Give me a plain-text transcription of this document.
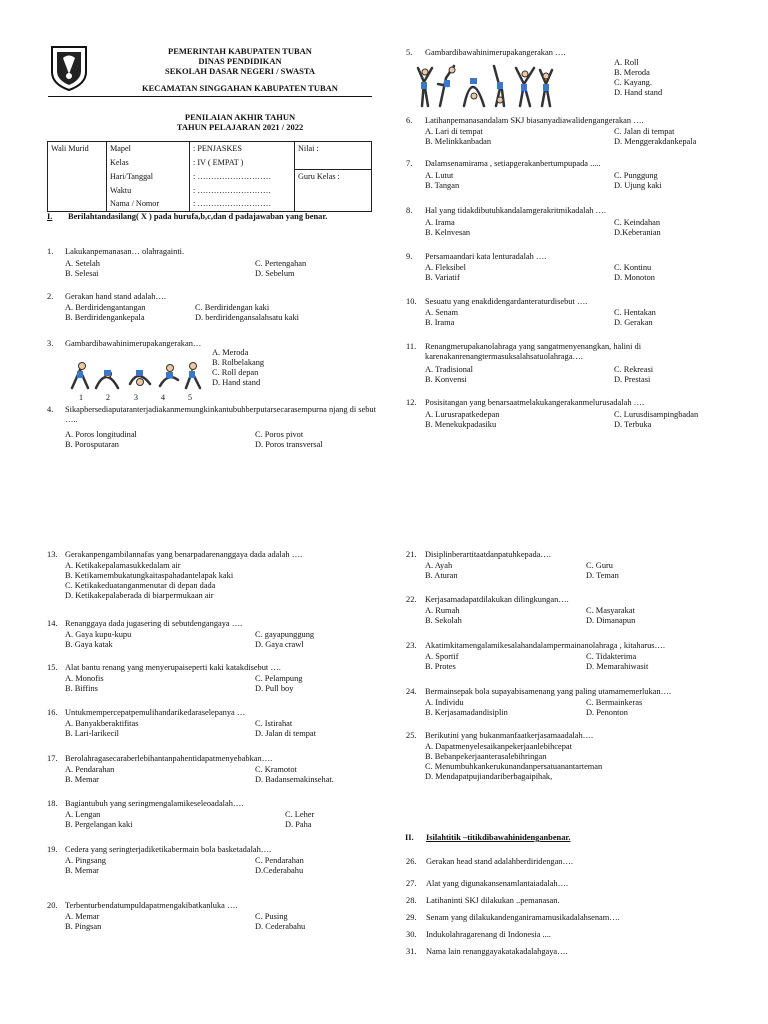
PEMERINTAH KABUPATEN TUBAN
DINAS PENDIDIKAN
SEKOLAH DASAR NEGERI / SWASTA
KECAMATAN SINGGAHAN KABUPATEN TUBAN
PENILAIAN AKHIR TAHUN
TAHUN PELAJARAN 2021 / 2022
Wali Murid	Mapel	: PENJASKES	Nilai :
	Kelas	: IV ( EMPAT )	
	Hari/Tanggal	: ………………………	Guru Kelas :
	Waktu	: ………………………	
	Nama / Nomor	: ………………………	
I. Berilahtandasilang( X ) pada hurufa,b,c,dan d padajawaban yang benar.
1. Lakukanpemanasan… olahragainti.
A. Setelah	C. Pertengahan
B. Selesai	D. Sebelum
2. Gerakan hand stand adalah….
A. Berdiridengantangan	C. Berdiridengan kaki
B. Berdiridengankepala	D. berdiridengansalahsatu kaki
3. Gambardibawahinimerupakangerakan…
A. Meroda
B. Rolbelakang
C. Roll depan
D. Hand stand
4. Sikapbersediaputaranterjadiakanmemungkinkantubuhberputarsecarasempurna njang di sebut …..
A. Poros longitudinal	C. Poros pivot
B. Porosputaran	D. Poros transversal
5. Gambardibawahinimerupakangerakan ….
A. Roll
B. Meroda
C. Kayang.
D. Hand stand
6. Latihanpemanasandalam SKJ biasanyadiawalidengangerakan ….
A. Lari di tempat	C. Jalan di tempat
B. Melinkkanbadan	D. Menggerakdankepala
7. Dalamsenamirama , setiapgerakanbertumpupada .....
A. Lutut	C. Punggung
B. Tangan	D. Ujung kaki
8. Hal yang tidakdibutuhkandalamgerakritmikadalah ….
A. Irama	C. Keindahan
B. Kelnvesan	D.Keberanian
9. Persamaandari kata lenturadalah ….
A. Fleksibel	C. Kontinu
B. Variatif	D. Monoton
10. Sesuatu yang enakdidengardanteraturdisebut ….
A. Senam	C. Hentakan
B. Irama	D. Gerakan
11. Renangmerupakanolahraga yang sangatmenyenangkan, halini di karenakanrenangtermasuksalahsatuolahraga….
A. Tradisional	C. Rekreasi
B. Konvensi	D. Prestasi
12. Posisitangan yang benarsaatmelakukangerakanmelurusadalah ….
A. Lurusrapatkedepan	C. Lurusdisampingbadan
B. Menekukpadasiku	D. Terbuka
13. Gerakanpengambilannafas yang benarpadarenanggaya dada adalah ….
A. Ketikakepalamasukkedalam air
B. Ketikamembukatungkaitaspahadantelapak kaki
C. Ketikakeduatanganmenutar di depan dada
D. Ketikakepalaberada di biarpermukaan air
14. Renanggaya dada jugasering di sebutdengangaya ….
A. Gaya kupu-kupu	C. gayapunggung
B. Gaya katak	D. Gaya crawl
15. Alat bantu renang yang menyerupaiseperti kaki katakdisebut ….
A. Monofis	C. Pelampung
B. Biffins	D. Pull boy
16. Untukmempercepatpemulihandarikedaraselepanya …
A. Banyakberaktifitas	C. Istirahat
B. Lari-larikecil	D. Jalan di tempat
17. Berolahragasecaraberlebihantanpahentidapatmenyebabkan….
A. Pendarahan	C. Kramotot
B. Memar	D. Badansemakinsehat.
18. Bagiantubuh yang seringmengalamikeseleoadalah….
A. Lengan	C. Leher
B. Pergelangan kaki	D. Paha
19. Cedera yang seringterjadiketikabermain bola basketadalah….
A. Pingsang	C. Pendarahan
B. Memar	D.Cederabahu
20. Terbenturbendatumpuldapatmengakibatkanluka ….
A. Memar	C. Pusing
B. Pingsan	D. Cederabahu
21. Disiplinberartitaatdanpatuhkepada….
A. Ayah	C. Guru
B. Aturan	D. Teman
22. Kerjasamadapatdilakukan dilingkungan….
A. Rumah	C. Masyarakat
B. Sekolah	D. Dimanapun
23. Akatimkitamengalamikesalahandalampermainanolahraga , kitaharus….
A. Sportif	C. Tidakterima
B. Protes	D. Memarahiwasit
24. Bermainsepak bola supayabisamenang yang paling utamamemerlukan….
A. Individu	C. Bermainkeras
B. Kerjasamadandisiplin	D. Penonton
25. Berikutini yang bukanmanfaatkerjasamaadalah….
A. Dapatmenyelesaikanpekerjaanlebihcepat
B. Bebanpekerjaanterasalebihringan
C. Menumbuhkankerukunandanpersatuanantarteman
D. Mendapatpujiandariberbagaipihak,
1	2	3	4	5
II. Isilahtitik –titikdibawahinidenganbenar.
26. Gerakan head stand adalahberdiridengan….
27. Alat yang digunakansenamlantaiadalah….
28. Latihaninti SKJ dilakukan ..pemanasan.
29. Senam yang dilakukandenganiramamusikadalahsenam….
30. Indukolahragarenang di Indonesia ....
31. Nama lain renanggayakatakadalahgaya….
